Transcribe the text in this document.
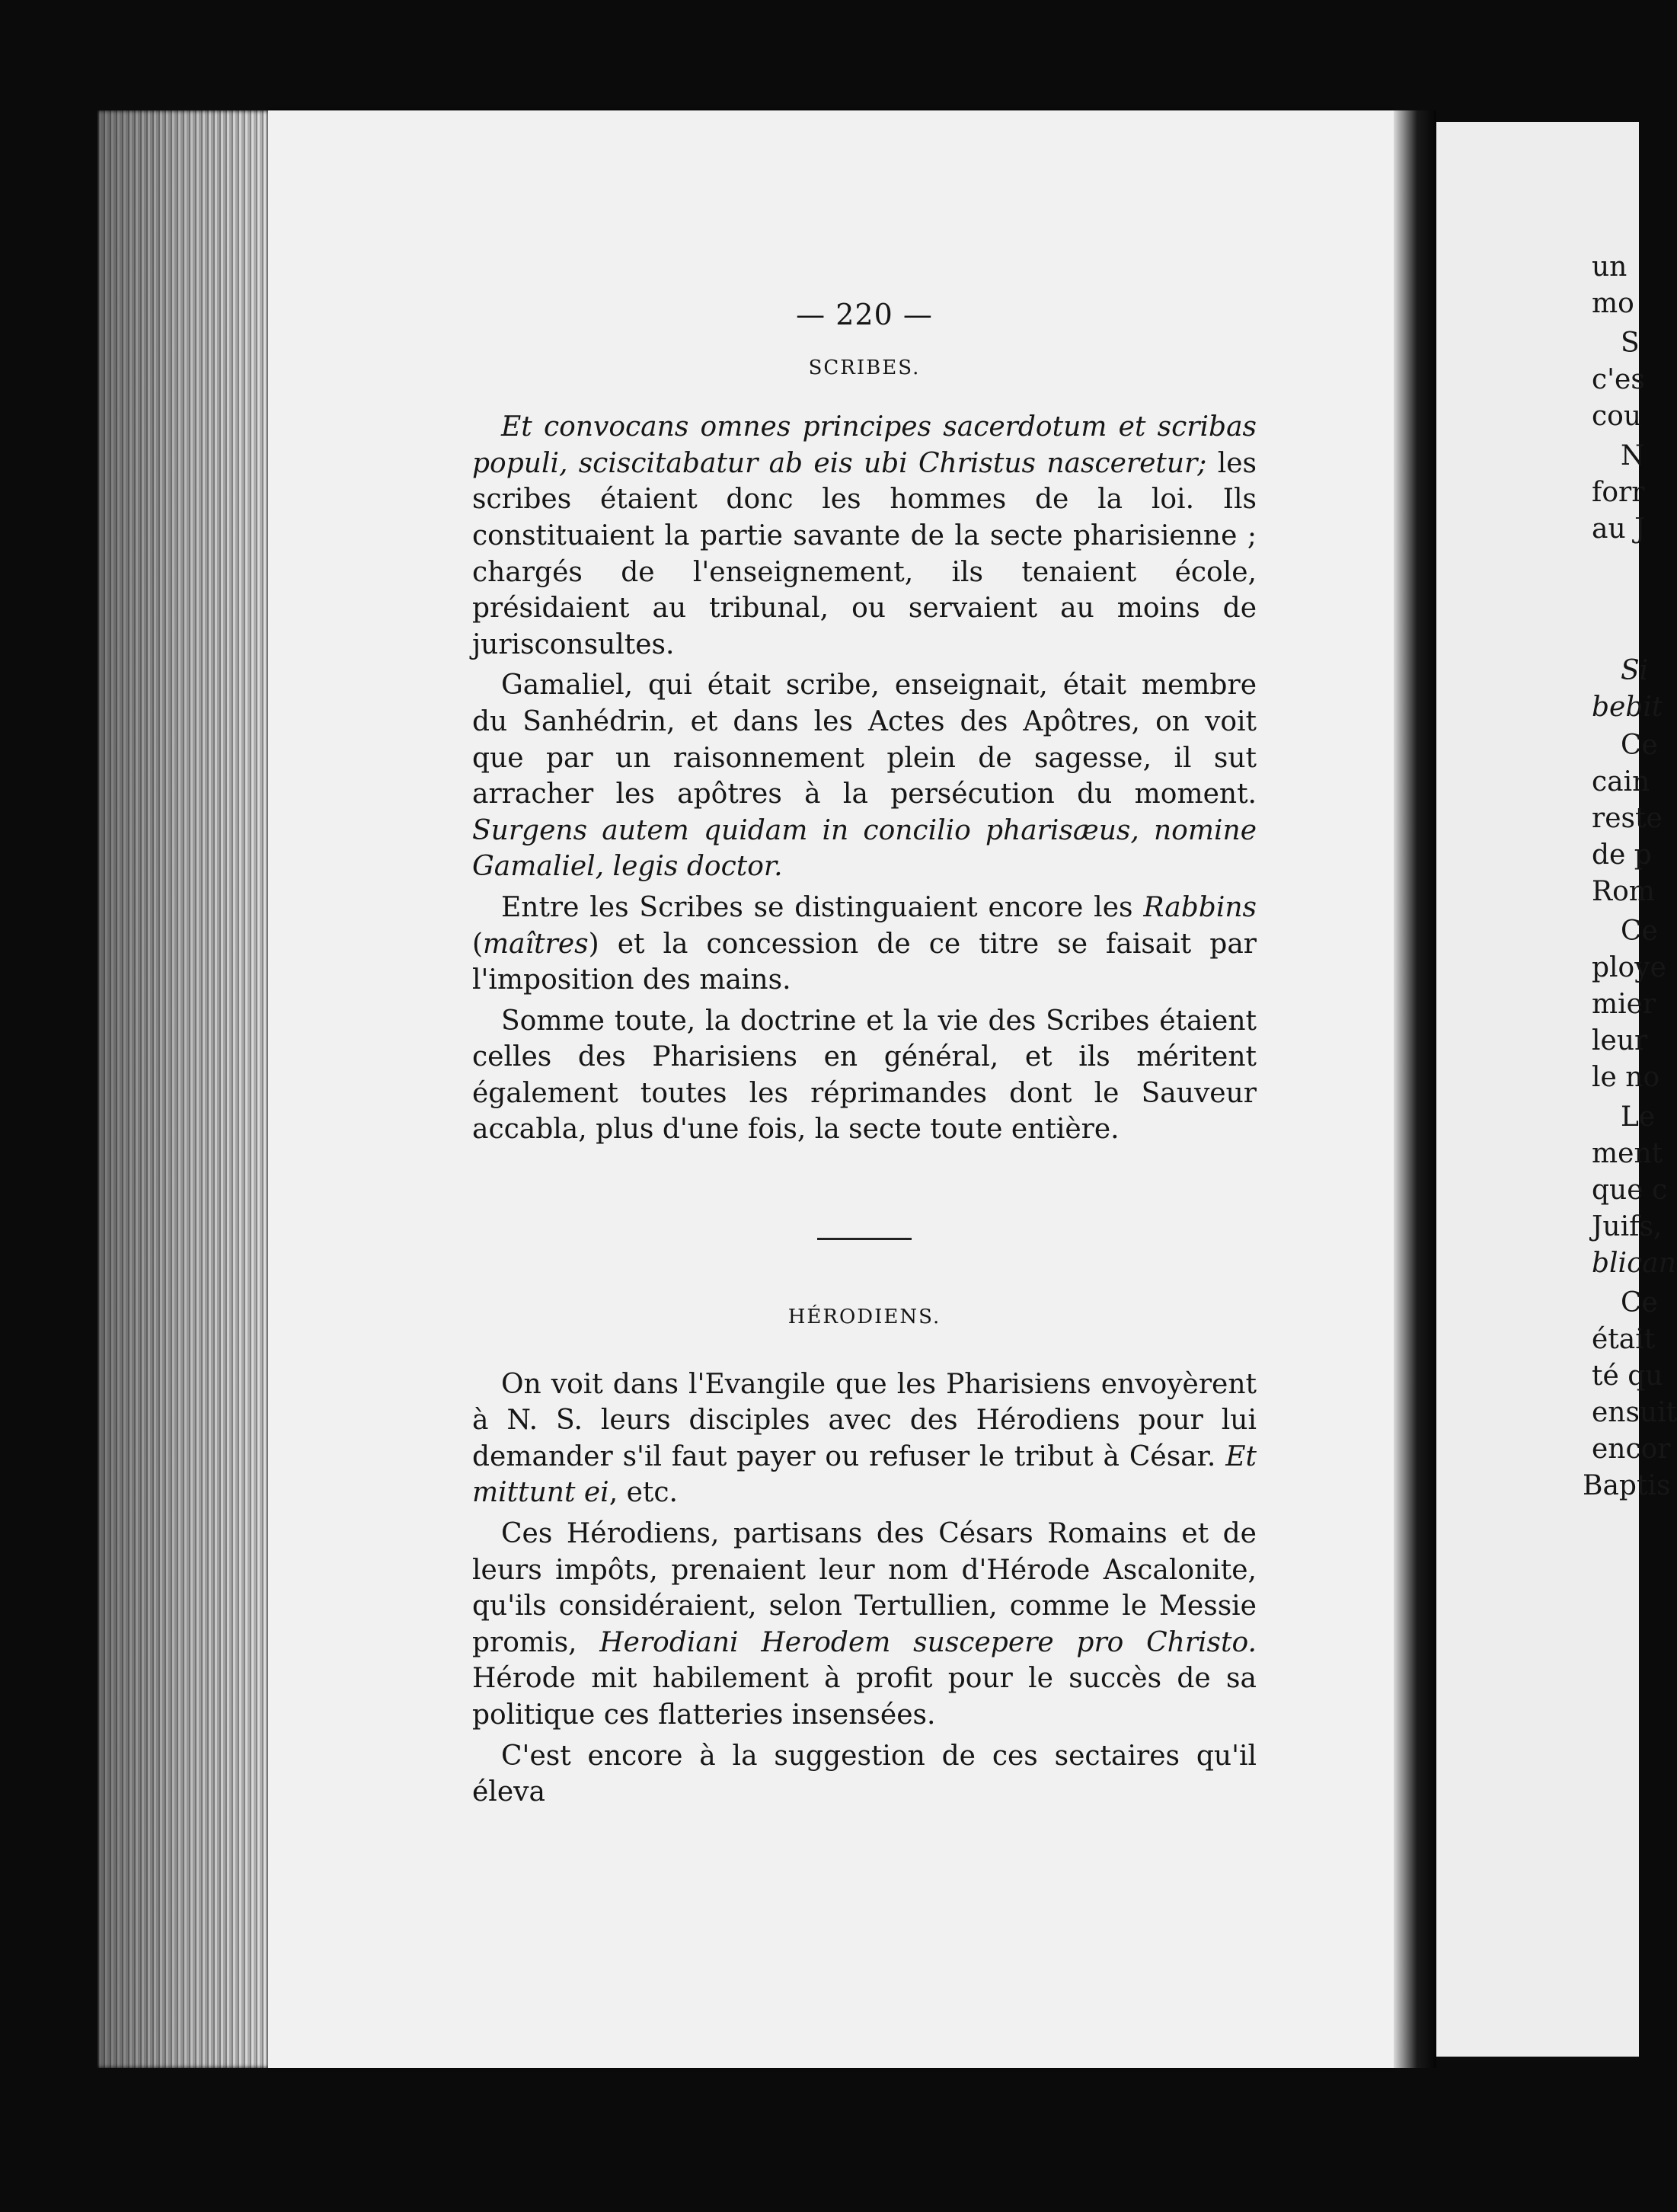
— 220 —
SCRIBES.

Et convocans omnes principes sacerdotum et scribas populi, sciscitabatur ab eis ubi Christus nasceretur; les scribes étaient donc les hommes de la loi. Ils constituaient la partie savante de la secte pharisienne ; chargés de l'enseignement, ils tenaient école, présidaient au tribunal, ou servaient au moins de jurisconsultes.

Gamaliel, qui était scribe, enseignait, était membre du Sanhédrin, et dans les Actes des Apôtres, on voit que par un raisonnement plein de sagesse, il sut arracher les apôtres à la persécution du moment. Surgens autem quidam in concilio pharisæus, nomine Gamaliel, legis doctor.

Entre les Scribes se distinguaient encore les Rabbins (maîtres) et la concession de ce titre se faisait par l'imposition des mains.

Somme toute, la doctrine et la vie des Scribes étaient celles des Pharisiens en général, et ils méritent également toutes les réprimandes dont le Sauveur accabla, plus d'une fois, la secte toute entière.

HÉRODIENS.

On voit dans l'Evangile que les Pharisiens envoyèrent à N. S. leurs disciples avec des Hérodiens pour lui demander s'il faut payer ou refuser le tribut à César. Et mittunt ei, etc.

Ces Hérodiens, partisans des Césars Romains et de leurs impôts, prenaient leur nom d'Hérode Ascalonite, qu'ils considéraient, selon Tertullien, comme le Messie promis, Herodiani Herodem suscepere pro Christo. Hérode mit habilement à profit pour le succès de sa politique ces flatteries insensées.

C'est encore à la suggestion de ces sectaires qu'il éleva

un
mo
S
c'es
cou
N
forr
au J
Si
bebit
Ce
cain
reste
de p
Rom
Ce
ploye
mier
leur
le no
Le
ment
que c
Juifs,
blican
Ce
était
té qu
ensuit
encor
Baptis
